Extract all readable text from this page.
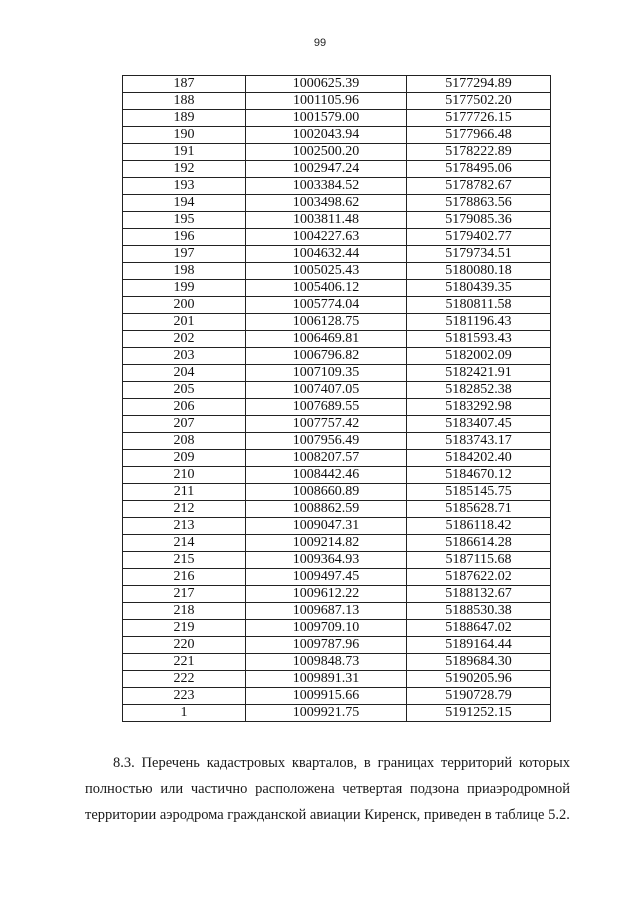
99
187	1000625.39	5177294.89
188	1001105.96	5177502.20
189	1001579.00	5177726.15
190	1002043.94	5177966.48
191	1002500.20	5178222.89
192	1002947.24	5178495.06
193	1003384.52	5178782.67
194	1003498.62	5178863.56
195	1003811.48	5179085.36
196	1004227.63	5179402.77
197	1004632.44	5179734.51
198	1005025.43	5180080.18
199	1005406.12	5180439.35
200	1005774.04	5180811.58
201	1006128.75	5181196.43
202	1006469.81	5181593.43
203	1006796.82	5182002.09
204	1007109.35	5182421.91
205	1007407.05	5182852.38
206	1007689.55	5183292.98
207	1007757.42	5183407.45
208	1007956.49	5183743.17
209	1008207.57	5184202.40
210	1008442.46	5184670.12
211	1008660.89	5185145.75
212	1008862.59	5185628.71
213	1009047.31	5186118.42
214	1009214.82	5186614.28
215	1009364.93	5187115.68
216	1009497.45	5187622.02
217	1009612.22	5188132.67
218	1009687.13	5188530.38
219	1009709.10	5188647.02
220	1009787.96	5189164.44
221	1009848.73	5189684.30
222	1009891.31	5190205.96
223	1009915.66	5190728.79
1	1009921.75	5191252.15
8.3. Перечень кадастровых кварталов, в границах территорий которых
полностью или частично расположена четвертая подзона приаэродромной
территории аэродрома гражданской авиации Киренск, приведен в таблице 5.2.
